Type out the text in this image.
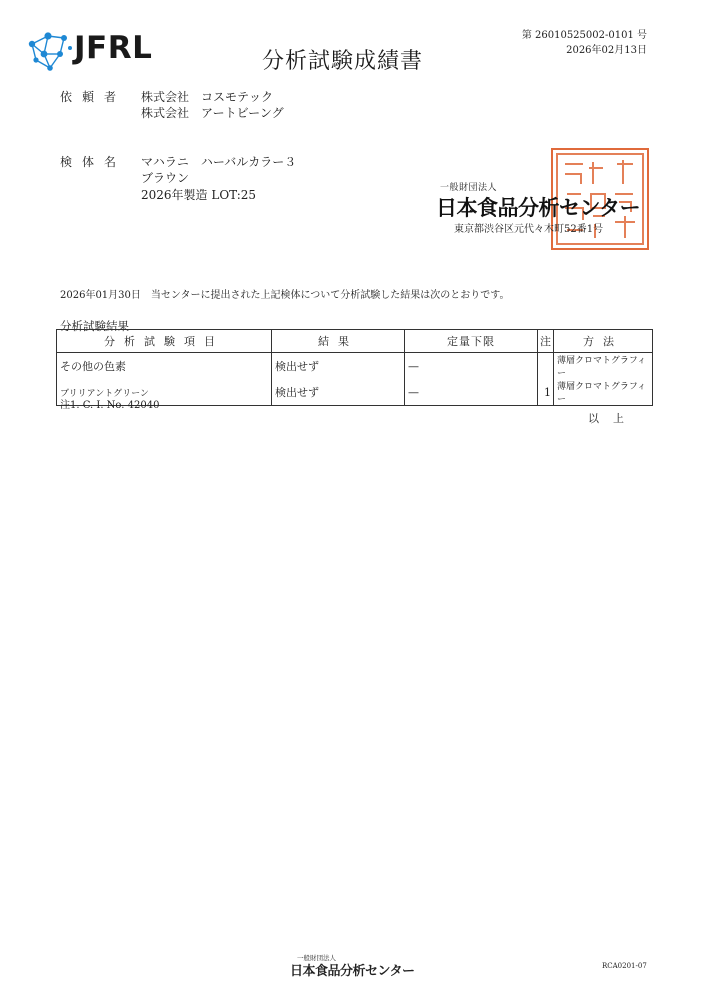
JFRL	分析試験成績書
第 26010525002-0101 号
2026年02月13日
依頼者 株式会社　コスモテック
株式会社　アートビーング
検体名 マハラニ　ハーバルカラー３
ブラウン
2026年製造 LOT:25	一般財団法人
日本食品分析センター
東京都渋谷区元代々木町52番1号
2026年01月30日　当センターに提出された上記検体について分析試験した結果は次のとおりです。
分析試験結果
分析試験項目	結果	定量下限	注	方法
その他の色素	検出せず	—		薄層クロマトグラフィー
ブリリアントグリーン	検出せず	—	1	薄層クロマトグラフィー
注1. C. I. No. 42040
以上
一般財団法人
日本食品分析センター	RCA0201-07
